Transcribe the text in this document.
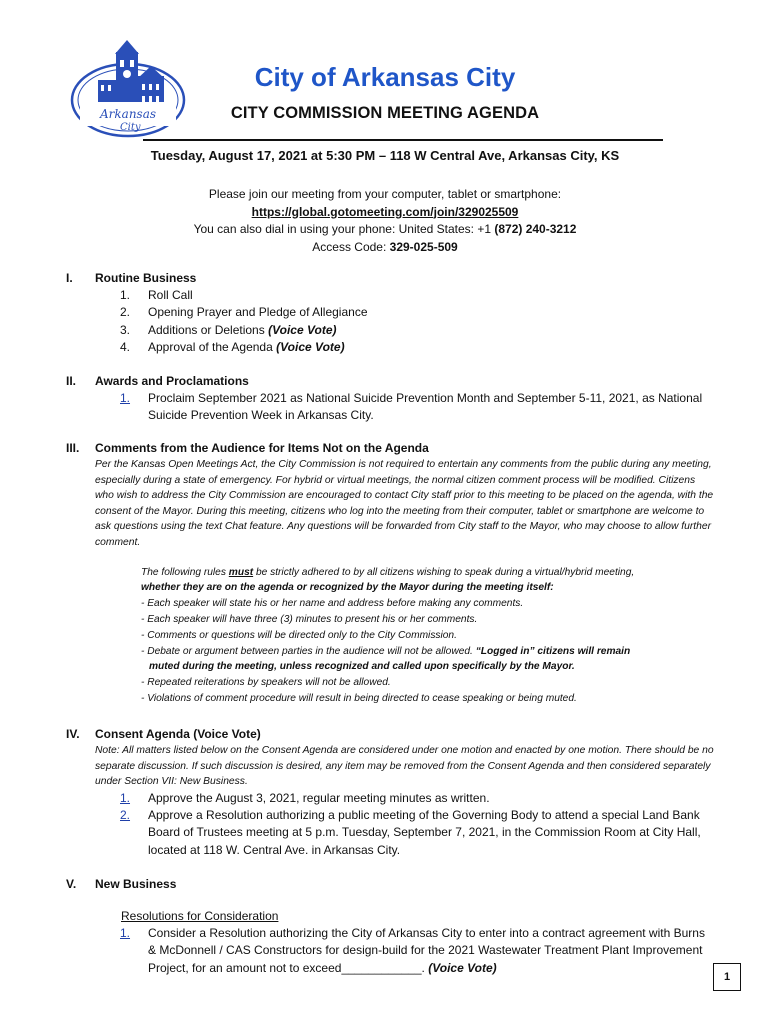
Arkansas
City
City of Arkansas City
CITY COMMISSION MEETING AGENDA
Tuesday, August 17, 2021 at 5:30 PM – 118 W Central Ave, Arkansas City, KS
Please join our meeting from your computer, tablet or smartphone:
https://global.gotomeeting.com/join/329025509
You can also dial in using your phone: United States: +1 (872) 240-3212
Access Code: 329-025-509
I.	Routine Business
1.	Roll Call
2.	Opening Prayer and Pledge of Allegiance
3.	Additions or Deletions (Voice Vote)
4.	Approval of the Agenda (Voice Vote)
II.	Awards and Proclamations
1.	Proclaim September 2021 as National Suicide Prevention Month and September 5-11, 2021, as National Suicide Prevention Week in Arkansas City.
III.	Comments from the Audience for Items Not on the Agenda
Per the Kansas Open Meetings Act, the City Commission is not required to entertain any comments from the public during any meeting, especially during a state of emergency. For hybrid or virtual meetings, the normal citizen comment process will be modified. Citizens who wish to address the City Commission are encouraged to contact City staff prior to this meeting to be placed on the agenda, with the consent of the Mayor. During this meeting, citizens who log into the meeting from their computer, tablet or smartphone are welcome to ask questions using the text Chat feature. Any questions will be forwarded from City staff to the Mayor, who may choose to allow further comment.
The following rules must be strictly adhered to by all citizens wishing to speak during a virtual/hybrid meeting,
whether they are on the agenda or recognized by the Mayor during the meeting itself:
- Each speaker will state his or her name and address before making any comments.
- Each speaker will have three (3) minutes to present his or her comments.
- Comments or questions will be directed only to the City Commission.
- Debate or argument between parties in the audience will not be allowed. “Logged in” citizens will remain
muted during the meeting, unless recognized and called upon specifically by the Mayor.
- Repeated reiterations by speakers will not be allowed.
- Violations of comment procedure will result in being directed to cease speaking or being muted.
IV.	Consent Agenda (Voice Vote)
Note: All matters listed below on the Consent Agenda are considered under one motion and enacted by one motion. There should be no separate discussion. If such discussion is desired, any item may be removed from the Consent Agenda and then considered separately under Section VII: New Business.
1.	Approve the August 3, 2021, regular meeting minutes as written.
2.	Approve a Resolution authorizing a public meeting of the Governing Body to attend a special Land Bank Board of Trustees meeting at 5 p.m. Tuesday, September 7, 2021, in the Commission Room at City Hall, located at 118 W. Central Ave. in Arkansas City.
V.	New Business
Resolutions for Consideration
1.	Consider a Resolution authorizing the City of Arkansas City to enter into a contract agreement with Burns & McDonnell / CAS Constructors for design-build for the 2021 Wastewater Treatment Plant Improvement Project, for an amount not to exceed____________. (Voice Vote)
1
